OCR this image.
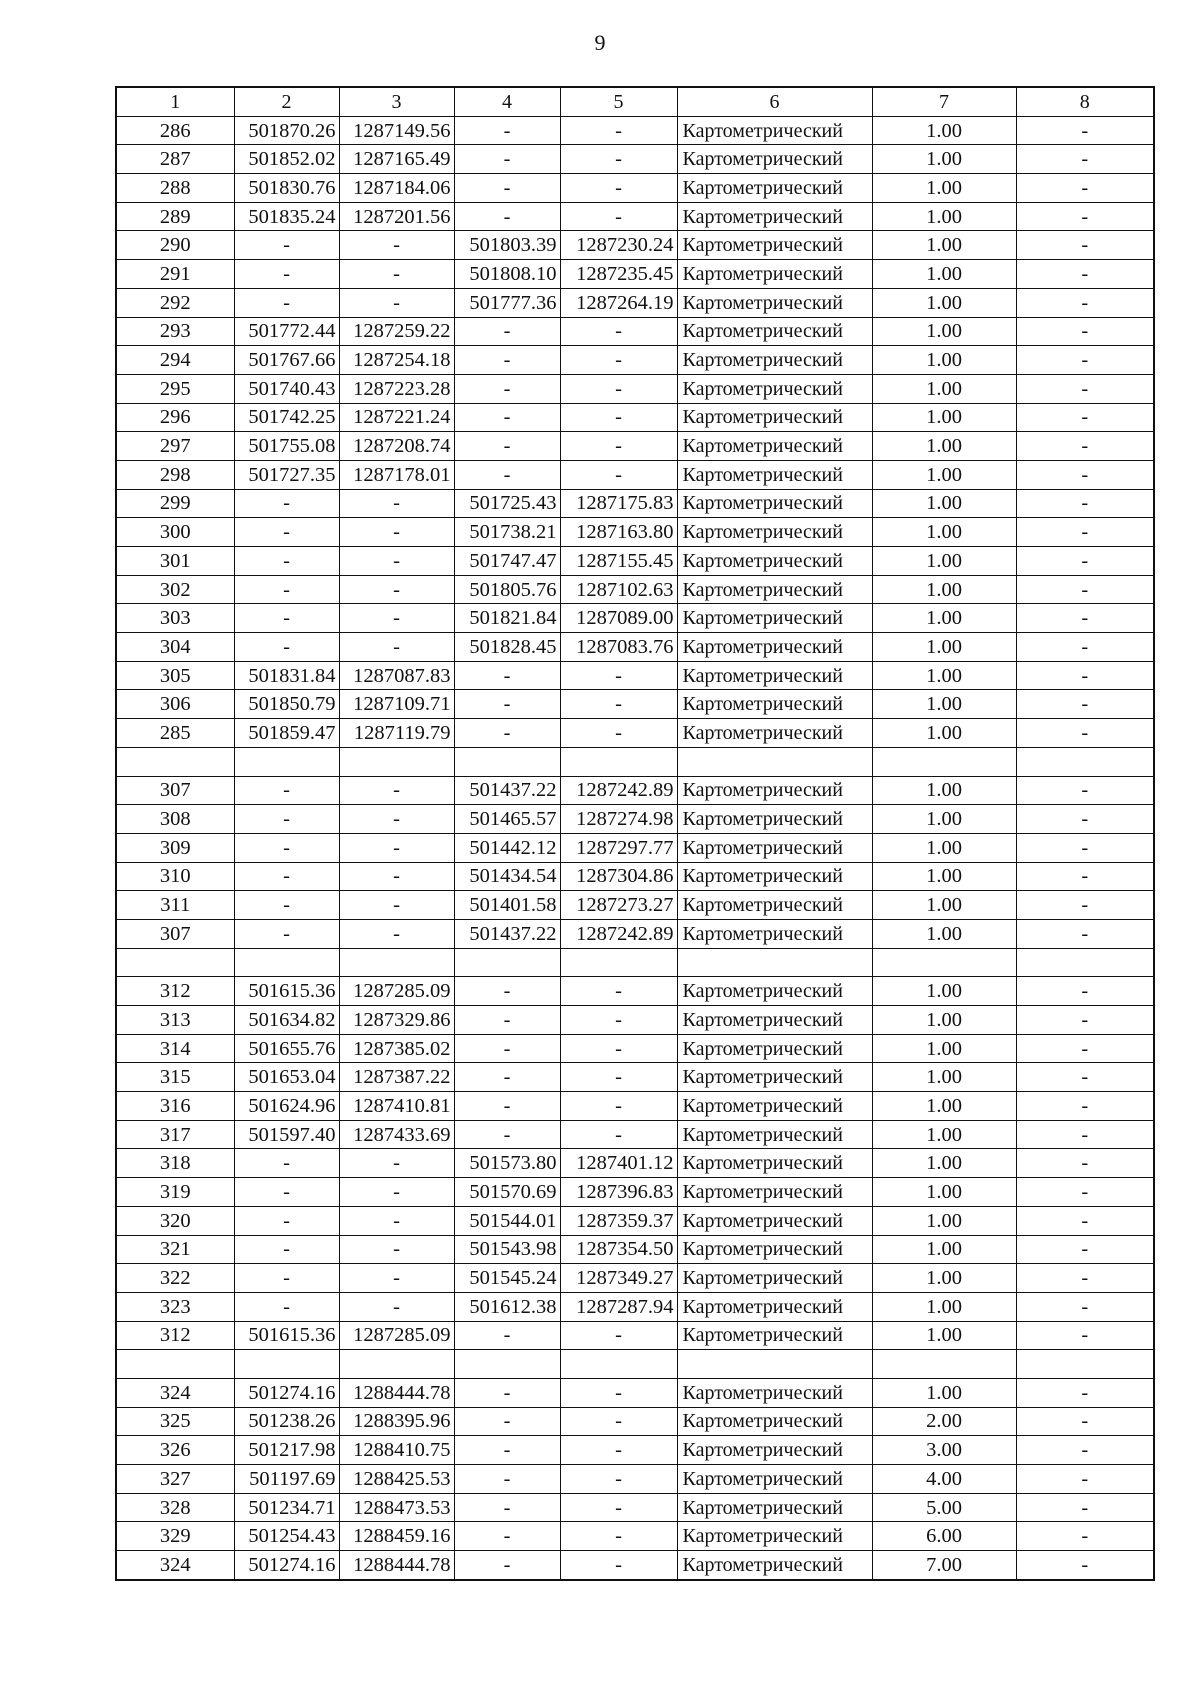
9
1	2	3	4	5	6	7	8
286	501870.26	1287149.56	-	-	Картометрический	1.00	-
287	501852.02	1287165.49	-	-	Картометрический	1.00	-
288	501830.76	1287184.06	-	-	Картометрический	1.00	-
289	501835.24	1287201.56	-	-	Картометрический	1.00	-
290	-	-	501803.39	1287230.24	Картометрический	1.00	-
291	-	-	501808.10	1287235.45	Картометрический	1.00	-
292	-	-	501777.36	1287264.19	Картометрический	1.00	-
293	501772.44	1287259.22	-	-	Картометрический	1.00	-
294	501767.66	1287254.18	-	-	Картометрический	1.00	-
295	501740.43	1287223.28	-	-	Картометрический	1.00	-
296	501742.25	1287221.24	-	-	Картометрический	1.00	-
297	501755.08	1287208.74	-	-	Картометрический	1.00	-
298	501727.35	1287178.01	-	-	Картометрический	1.00	-
299	-	-	501725.43	1287175.83	Картометрический	1.00	-
300	-	-	501738.21	1287163.80	Картометрический	1.00	-
301	-	-	501747.47	1287155.45	Картометрический	1.00	-
302	-	-	501805.76	1287102.63	Картометрический	1.00	-
303	-	-	501821.84	1287089.00	Картометрический	1.00	-
304	-	-	501828.45	1287083.76	Картометрический	1.00	-
305	501831.84	1287087.83	-	-	Картометрический	1.00	-
306	501850.79	1287109.71	-	-	Картометрический	1.00	-
285	501859.47	1287119.79	-	-	Картометрический	1.00	-

307	-	-	501437.22	1287242.89	Картометрический	1.00	-
308	-	-	501465.57	1287274.98	Картометрический	1.00	-
309	-	-	501442.12	1287297.77	Картометрический	1.00	-
310	-	-	501434.54	1287304.86	Картометрический	1.00	-
311	-	-	501401.58	1287273.27	Картометрический	1.00	-
307	-	-	501437.22	1287242.89	Картометрический	1.00	-

312	501615.36	1287285.09	-	-	Картометрический	1.00	-
313	501634.82	1287329.86	-	-	Картометрический	1.00	-
314	501655.76	1287385.02	-	-	Картометрический	1.00	-
315	501653.04	1287387.22	-	-	Картометрический	1.00	-
316	501624.96	1287410.81	-	-	Картометрический	1.00	-
317	501597.40	1287433.69	-	-	Картометрический	1.00	-
318	-	-	501573.80	1287401.12	Картометрический	1.00	-
319	-	-	501570.69	1287396.83	Картометрический	1.00	-
320	-	-	501544.01	1287359.37	Картометрический	1.00	-
321	-	-	501543.98	1287354.50	Картометрический	1.00	-
322	-	-	501545.24	1287349.27	Картометрический	1.00	-
323	-	-	501612.38	1287287.94	Картометрический	1.00	-
312	501615.36	1287285.09	-	-	Картометрический	1.00	-

324	501274.16	1288444.78	-	-	Картометрический	1.00	-
325	501238.26	1288395.96	-	-	Картометрический	2.00	-
326	501217.98	1288410.75	-	-	Картометрический	3.00	-
327	501197.69	1288425.53	-	-	Картометрический	4.00	-
328	501234.71	1288473.53	-	-	Картометрический	5.00	-
329	501254.43	1288459.16	-	-	Картометрический	6.00	-
324	501274.16	1288444.78	-	-	Картометрический	7.00	-
